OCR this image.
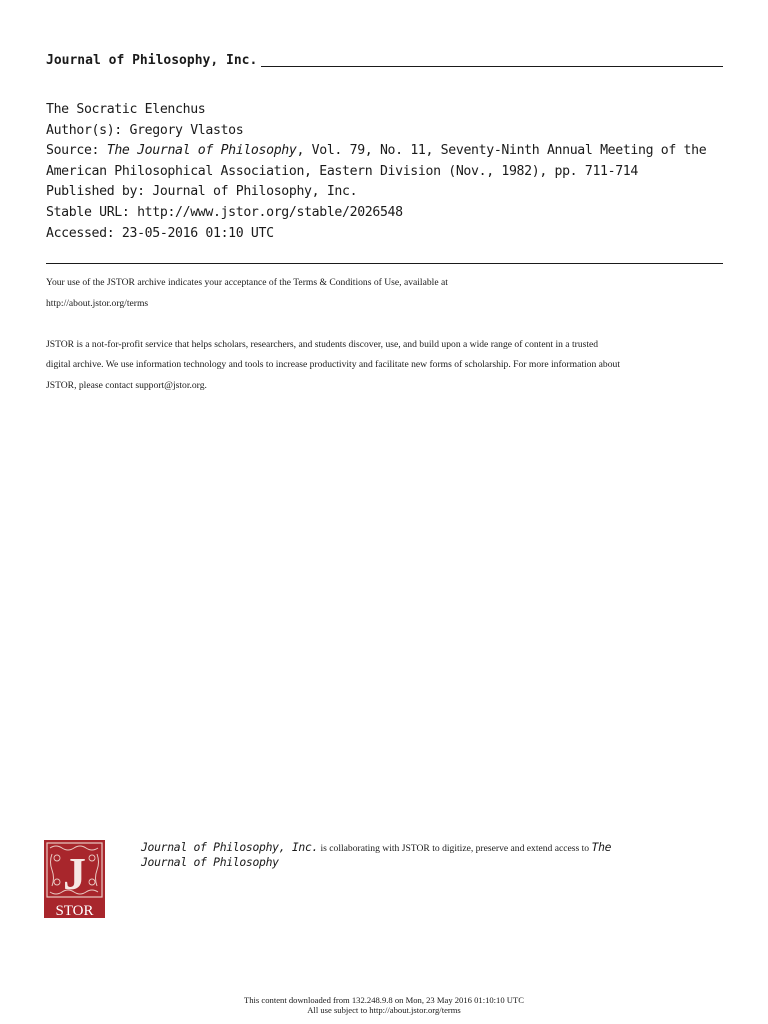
Journal of Philosophy, Inc.
The Socratic Elenchus
Author(s): Gregory Vlastos
Source: The Journal of Philosophy, Vol. 79, No. 11, Seventy-Ninth Annual Meeting of the
American Philosophical Association, Eastern Division (Nov., 1982), pp. 711-714
Published by: Journal of Philosophy, Inc.
Stable URL: http://www.jstor.org/stable/2026548
Accessed: 23-05-2016 01:10 UTC

Your use of the JSTOR archive indicates your acceptance of the Terms & Conditions of Use, available at

http://about.jstor.org/terms

JSTOR is a not-for-profit service that helps scholars, researchers, and students discover, use, and build upon a wide range of content in a trusted

digital archive. We use information technology and tools to increase productivity and facilitate new forms of scholarship. For more information about

JSTOR, please contact support@jstor.org.

J
STOR
Journal of Philosophy, Inc. is collaborating with JSTOR to digitize, preserve and extend access to The
Journal of Philosophy
This content downloaded from 132.248.9.8 on Mon, 23 May 2016 01:10:10 UTC
All use subject to http://about.jstor.org/terms
